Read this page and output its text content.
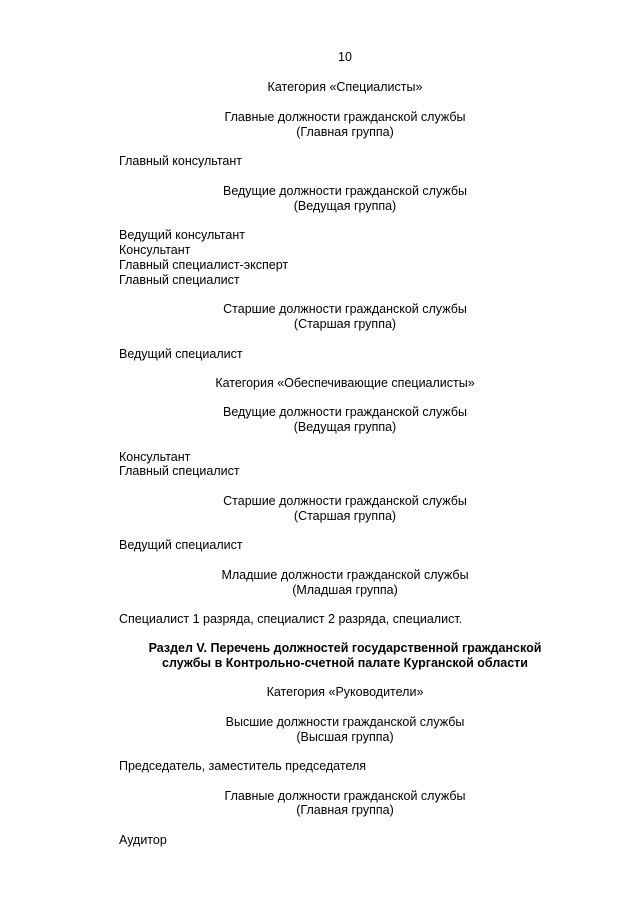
10

Категория «Специалисты»

Главные должности гражданской службы

(Главная группа)

Главный консультант

Ведущие должности гражданской службы

(Ведущая группа)

Ведущий консультант

Консультант

Главный специалист-эксперт

Главный специалист

Старшие должности гражданской службы

(Старшая группа)

Ведущий специалист

Категория «Обеспечивающие специалисты»

Ведущие должности гражданской службы

(Ведущая группа)

Консультант

Главный специалист

Старшие должности гражданской службы

(Старшая группа)

Ведущий специалист

Младшие должности гражданской службы

(Младшая группа)

Специалист 1 разряда, специалист 2 разряда, специалист.

Раздел V. Перечень должностей государственной гражданской

службы в Контрольно-счетной палате Курганской области

Категория «Руководители»

Высшие должности гражданской службы

(Высшая группа)

Председатель, заместитель председателя

Главные должности гражданской службы

(Главная группа)

Аудитор
